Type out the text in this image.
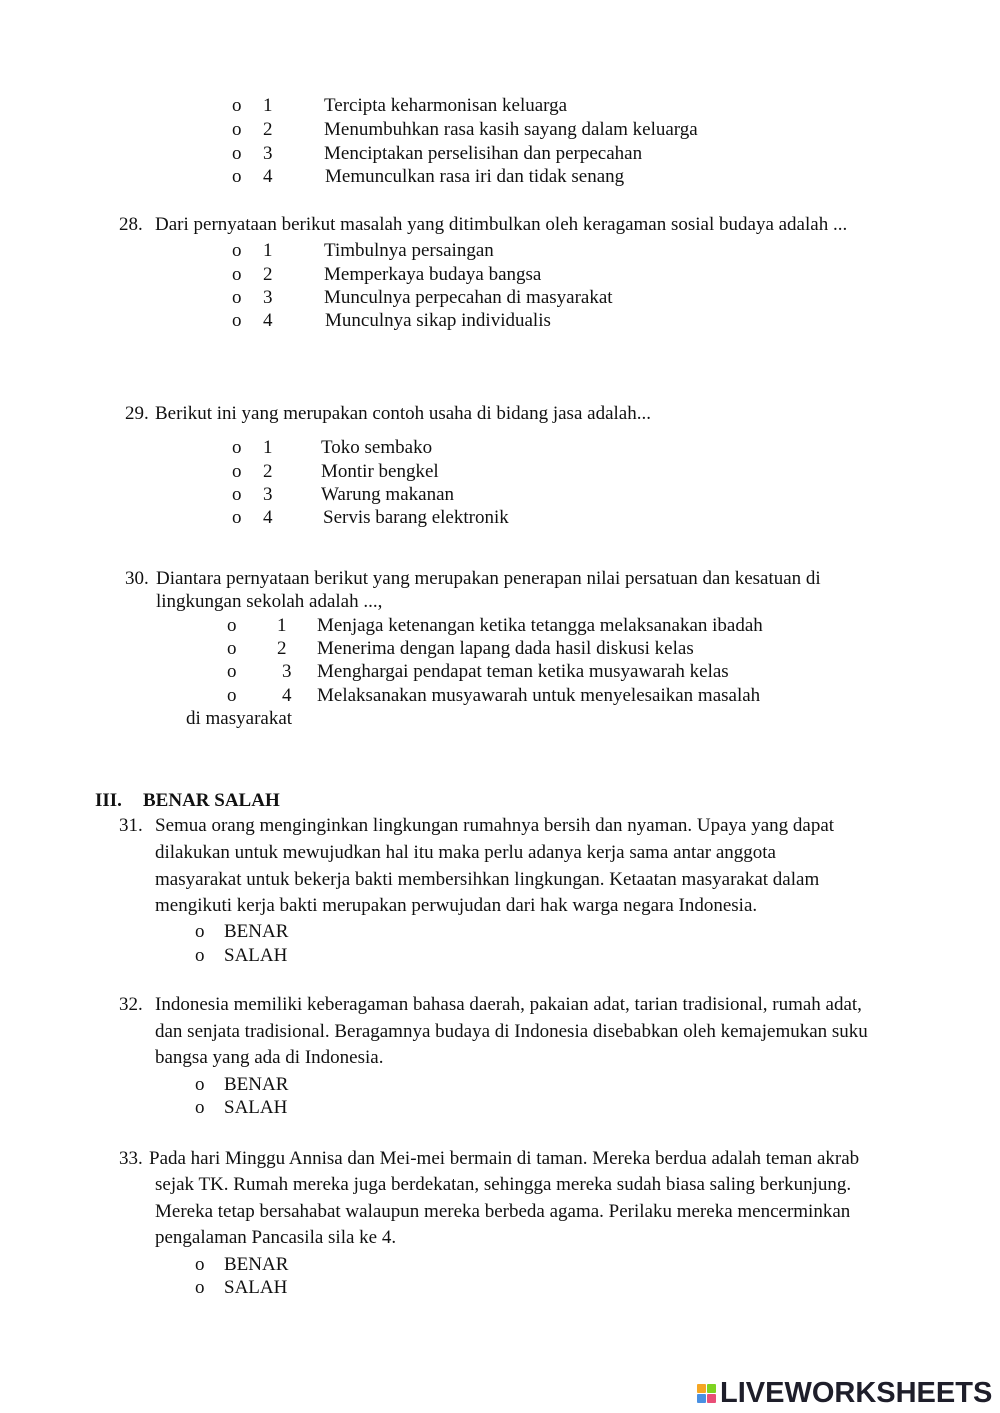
o 1	Tercipta keharmonisan keluarga
o 2	Menumbuhkan rasa kasih sayang dalam keluarga
o 3	Menciptakan perselisihan dan perpecahan
o 4	Memunculkan rasa iri dan tidak senang
28. Dari pernyataan berikut masalah yang ditimbulkan oleh keragaman sosial budaya adalah ...
o 1	Timbulnya persaingan
o 2	Memperkaya budaya bangsa
o 3	Munculnya perpecahan di masyarakat
o 4	Munculnya sikap individualis
29. Berikut ini yang merupakan contoh usaha di bidang jasa adalah...
o 1	Toko sembako
o 2	Montir bengkel
o 3	Warung makanan
o 4	Servis barang elektronik
30. Diantara pernyataan berikut yang merupakan penerapan nilai persatuan dan kesatuan di
lingkungan sekolah adalah ...,
o 1 Menjaga ketenangan ketika tetangga melaksanakan ibadah
o 2 Menerima dengan lapang dada hasil diskusi kelas
o 3 Menghargai pendapat teman ketika musyawarah kelas
o 4 Melaksanakan musyawarah untuk menyelesaikan masalah
di masyarakat
III. BENAR SALAH
31. Semua orang menginginkan lingkungan rumahnya bersih dan nyaman. Upaya yang dapat
dilakukan untuk mewujudkan hal itu maka perlu adanya kerja sama antar anggota
masyarakat untuk bekerja bakti membersihkan lingkungan. Ketaatan masyarakat dalam
mengikuti kerja bakti merupakan perwujudan dari hak warga negara Indonesia.
o BENAR
o SALAH
32. Indonesia memiliki keberagaman bahasa daerah, pakaian adat, tarian tradisional, rumah adat,
dan senjata tradisional. Beragamnya budaya di Indonesia disebabkan oleh kemajemukan suku
bangsa yang ada di Indonesia.
o BENAR
o SALAH
33. Pada hari Minggu Annisa dan Mei-mei bermain di taman. Mereka berdua adalah teman akrab
sejak TK. Rumah mereka juga berdekatan, sehingga mereka sudah biasa saling berkunjung.
Mereka tetap bersahabat walaupun mereka berbeda agama. Perilaku mereka mencerminkan
pengalaman Pancasila sila ke 4.
o BENAR
o SALAH
LIVEWORKSHEETS
